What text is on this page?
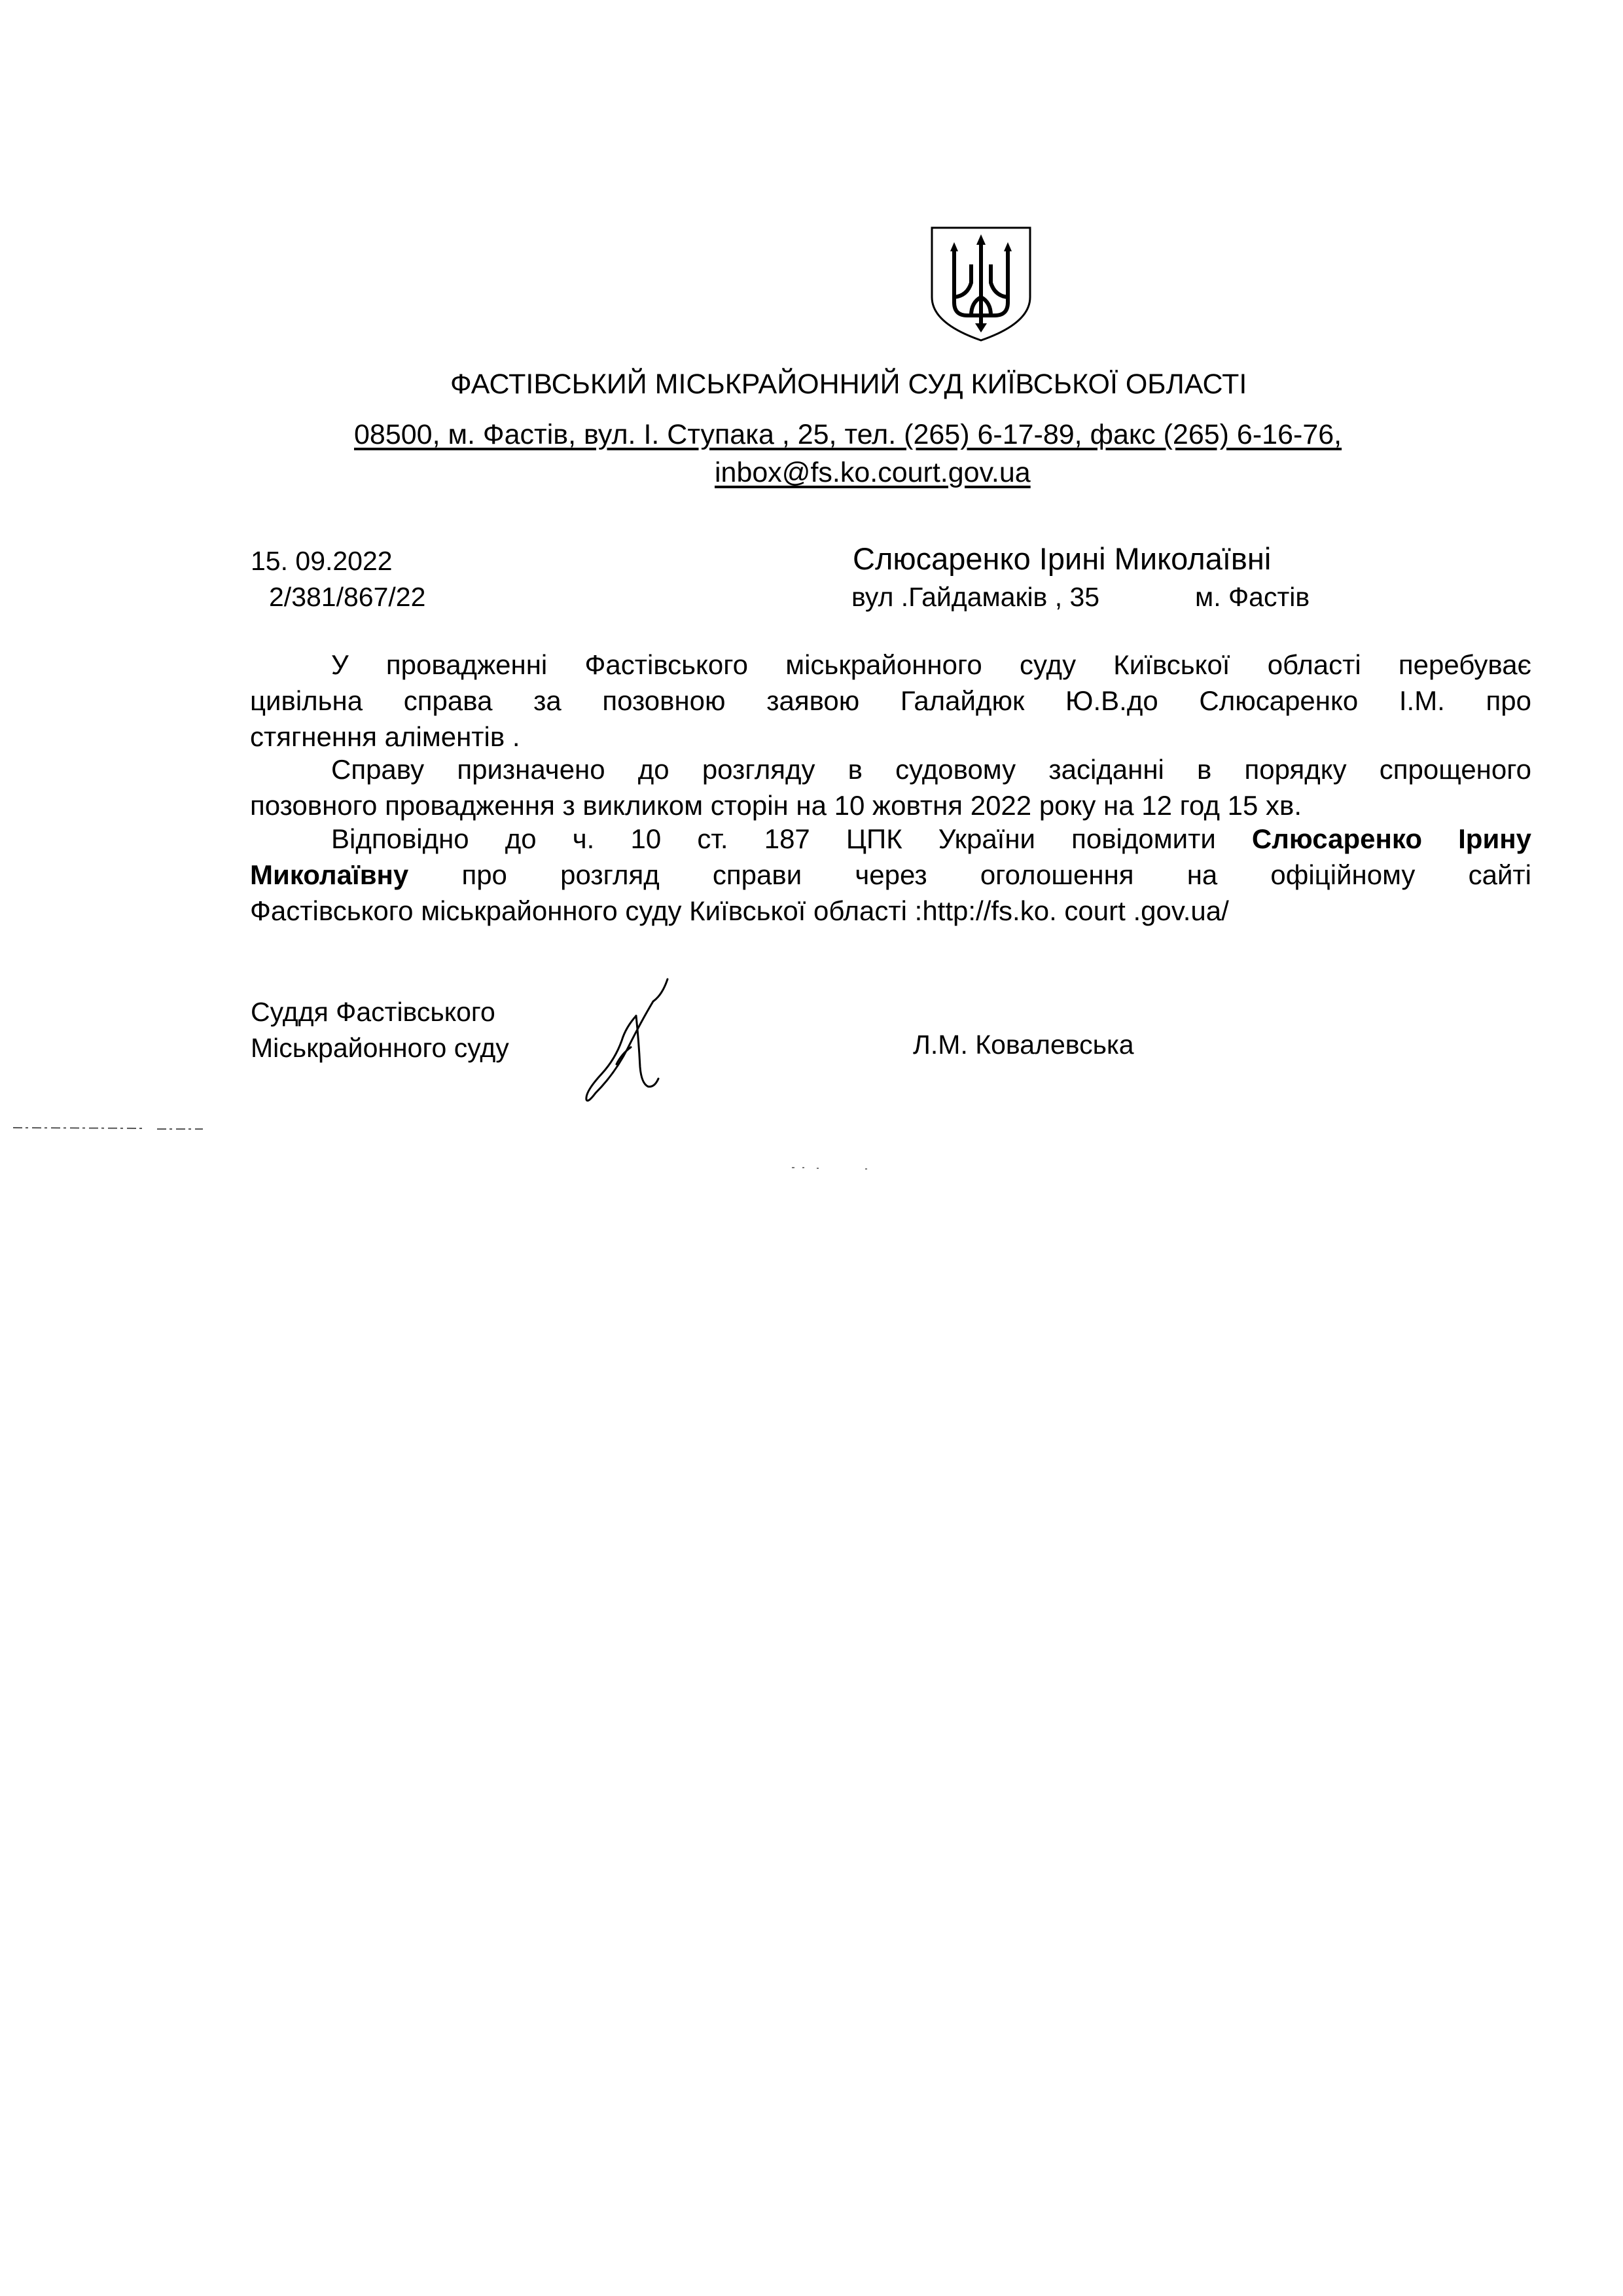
ФАСТІВСЬКИЙ МІСЬКРАЙОННИЙ СУД КИЇВСЬКОЇ ОБЛАСТІ
08500, м. Фастів, вул. І. Ступака , 25, тел. (265) 6-17-89, факс (265) 6-16-76,
inbox@fs.ko.court.gov.ua
15. 09.2022
2/381/867/22
Слюсаренко Ірині Миколаївні
вул .Гайдамаків , 35	м. Фастів
У провадженні Фастівського міськрайонного суду Київської області перебуває
цивільна справа за позовною заявою Галайдюк Ю.В.до Слюсаренко І.М. про
стягнення аліментів .
Справу призначено до розгляду в судовому засіданні в порядку спрощеного
позовного провадження з викликом сторін на 10 жовтня 2022 року на 12 год 15 хв.
Відповідно до ч. 10 ст. 187 ЦПК України повідомити Слюсаренко Ірину
Миколаївну про розгляд справи через оголошення на офіційному сайті
Фастівського міськрайонного суду Київської області :http://fs.ko. court .gov.ua/
Суддя Фастівського
Міськрайонного суду	Л.М. Ковалевська
